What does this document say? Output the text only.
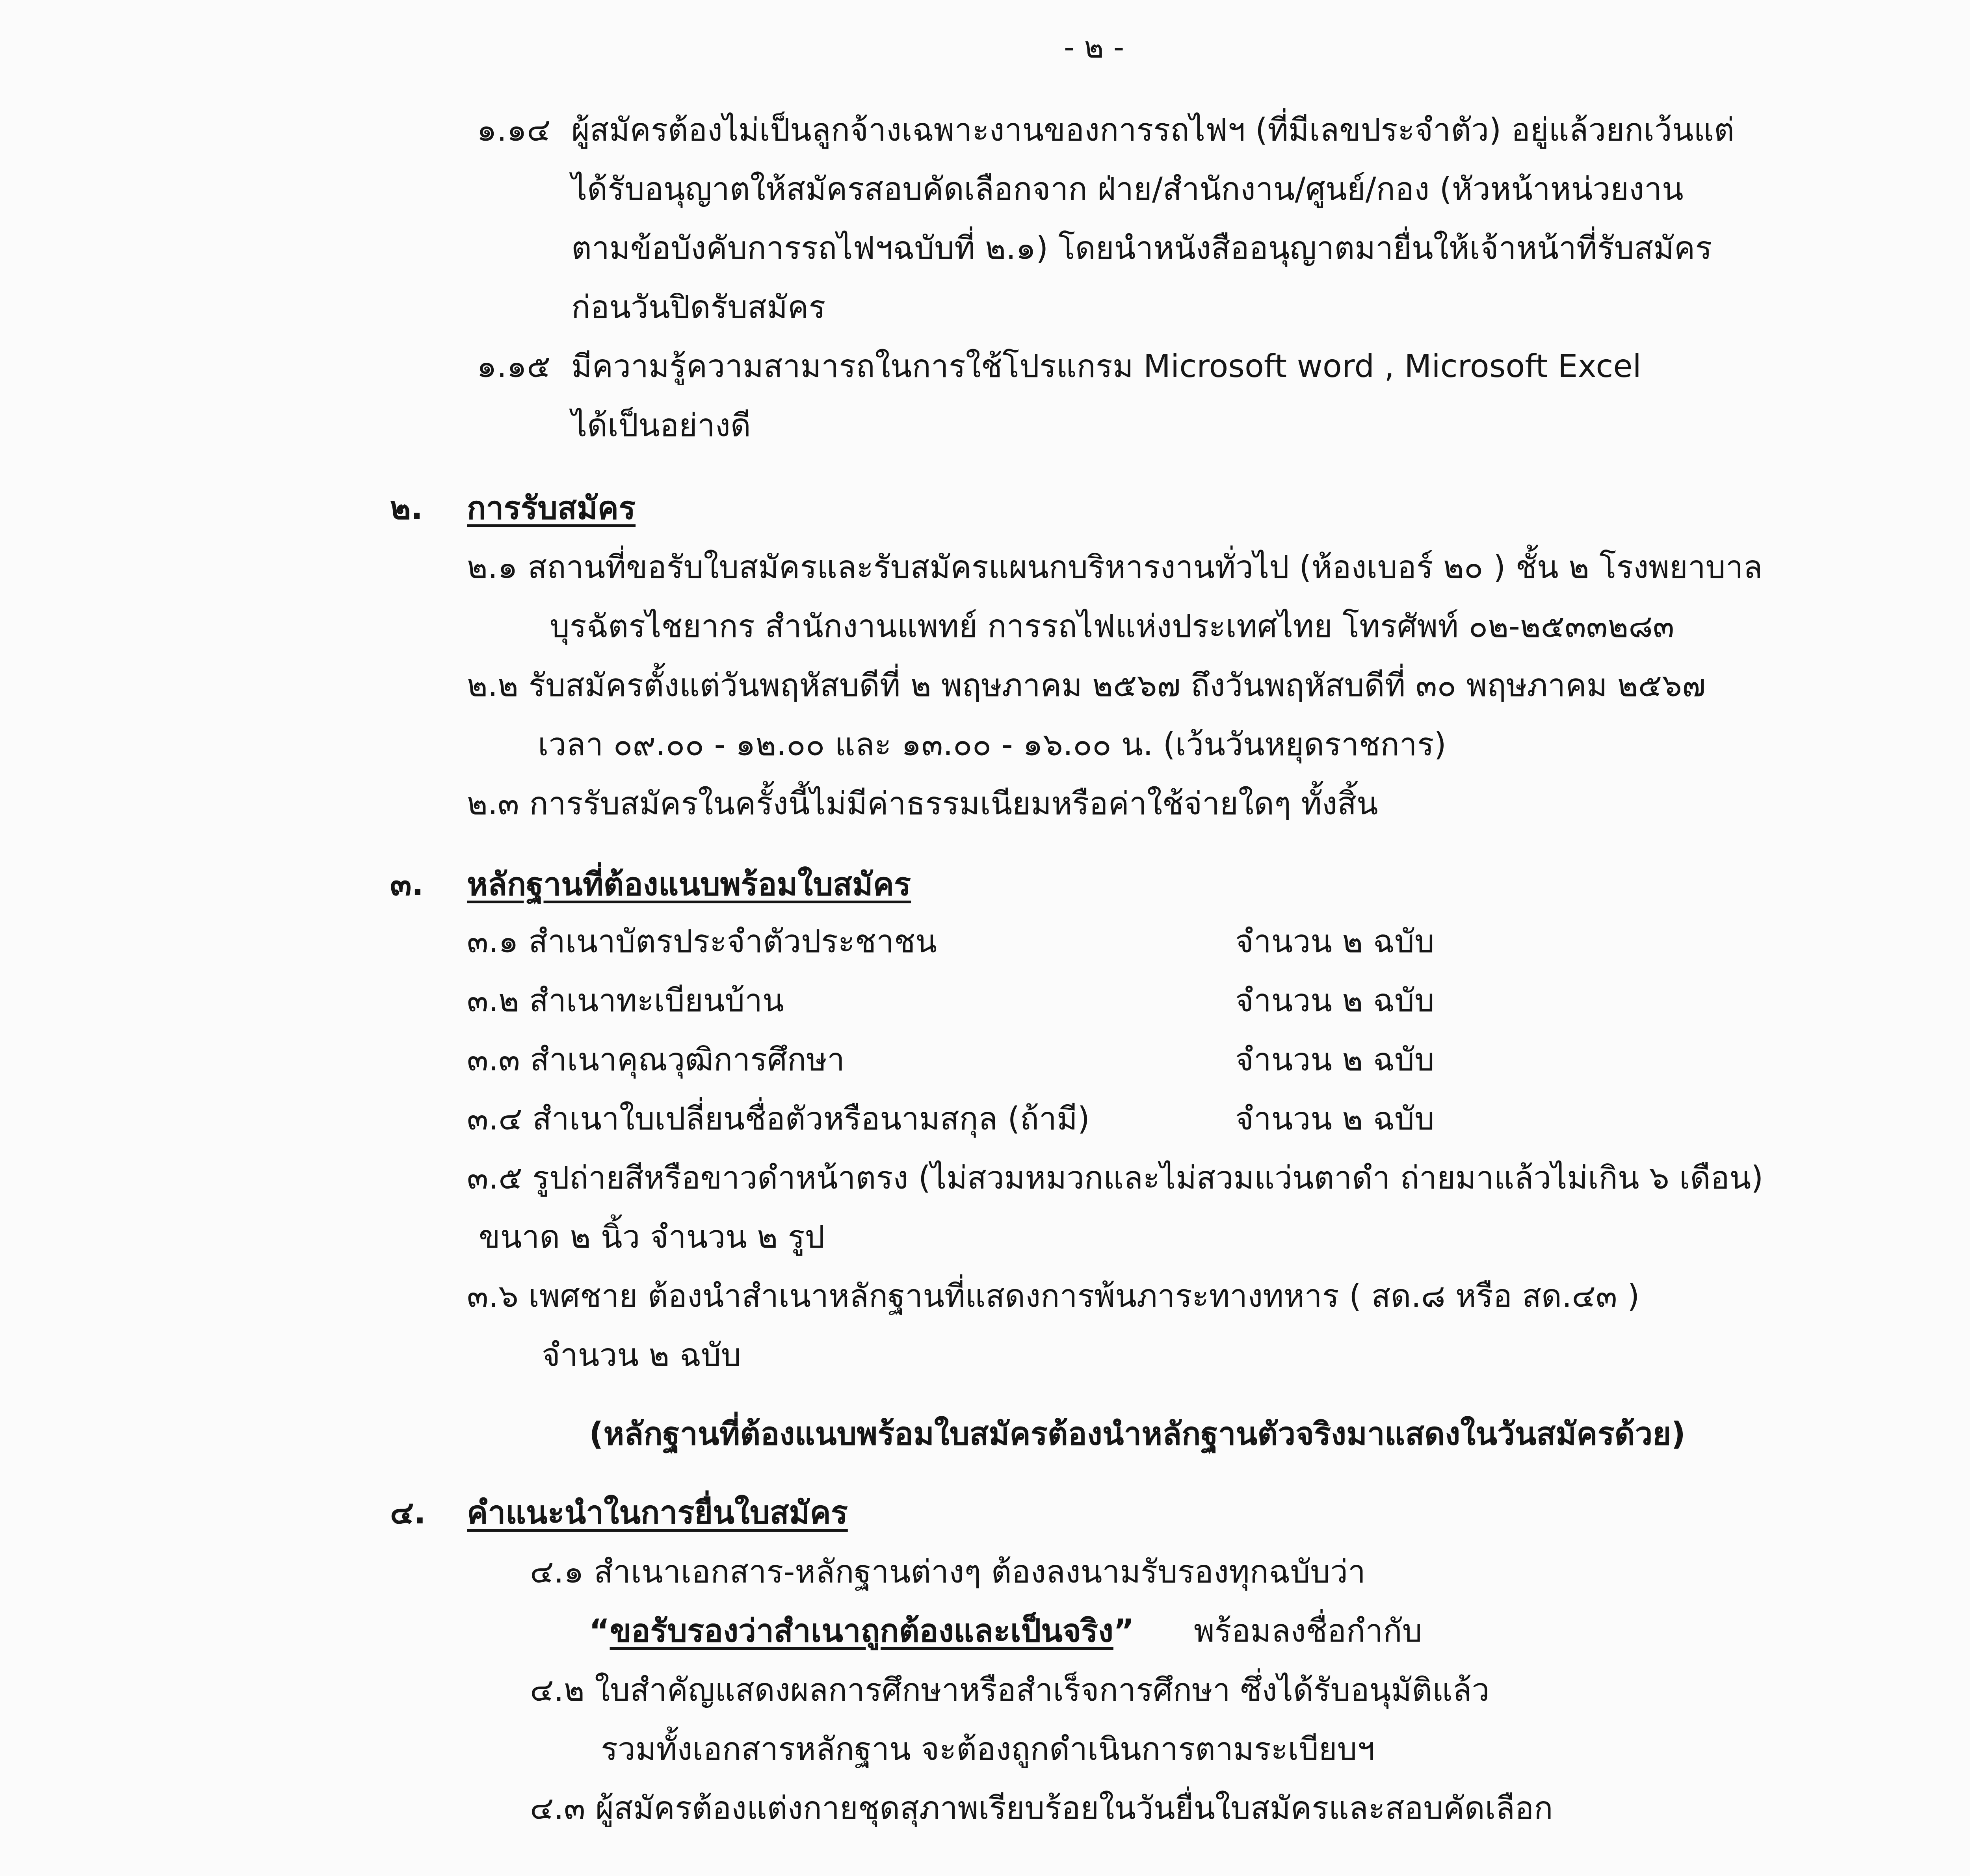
- ๒ -
๑.๑๔ ผู้สมัครต้องไม่เป็นลูกจ้างเฉพาะงานของการรถไฟฯ (ที่มีเลขประจำตัว) อยู่แล้วยกเว้นแต่
ได้รับอนุญาตให้สมัครสอบคัดเลือกจาก ฝ่าย/สำนักงาน/ศูนย์/กอง (หัวหน้าหน่วยงาน
ตามข้อบังคับการรถไฟฯฉบับที่ ๒.๑) โดยนำหนังสืออนุญาตมายื่นให้เจ้าหน้าที่รับสมัคร
ก่อนวันปิดรับสมัคร
๑.๑๕ มีความรู้ความสามารถในการใช้โปรแกรม Microsoft word , Microsoft Excel
ได้เป็นอย่างดี
๒. การรับสมัคร
๒.๑ สถานที่ขอรับใบสมัครและรับสมัครแผนกบริหารงานทั่วไป (ห้องเบอร์ ๒๐ ) ชั้น ๒ โรงพยาบาล
บุรฉัตรไชยากร สำนักงานแพทย์ การรถไฟแห่งประเทศไทย โทรศัพท์ ๐๒-๒๕๓๓๒๘๓
๒.๒ รับสมัครตั้งแต่วันพฤหัสบดีที่ ๒ พฤษภาคม ๒๕๖๗ ถึงวันพฤหัสบดีที่ ๓๐ พฤษภาคม ๒๕๖๗
เวลา ๐๙.๐๐ - ๑๒.๐๐ และ ๑๓.๐๐ - ๑๖.๐๐ น. (เว้นวันหยุดราชการ)
๒.๓ การรับสมัครในครั้งนี้ไม่มีค่าธรรมเนียมหรือค่าใช้จ่ายใดๆ ทั้งสิ้น
๓. หลักฐานที่ต้องแนบพร้อมใบสมัคร
๓.๑ สำเนาบัตรประจำตัวประชาชน	จำนวน ๒ ฉบับ
๓.๒ สำเนาทะเบียนบ้าน	จำนวน ๒ ฉบับ
๓.๓ สำเนาคุณวุฒิการศึกษา	จำนวน ๒ ฉบับ
๓.๔ สำเนาใบเปลี่ยนชื่อตัวหรือนามสกุล (ถ้ามี)	จำนวน ๒ ฉบับ
๓.๕ รูปถ่ายสีหรือขาวดำหน้าตรง (ไม่สวมหมวกและไม่สวมแว่นตาดำ ถ่ายมาแล้วไม่เกิน ๖ เดือน)
ขนาด ๒ นิ้ว จำนวน ๒ รูป
๓.๖ เพศชาย ต้องนำสำเนาหลักฐานที่แสดงการพ้นภาระทางทหาร ( สด.๘ หรือ สด.๔๓ )
จำนวน ๒ ฉบับ
(หลักฐานที่ต้องแนบพร้อมใบสมัครต้องนำหลักฐานตัวจริงมาแสดงในวันสมัครด้วย)
๔. คำแนะนำในการยื่นใบสมัคร
๔.๑ สำเนาเอกสาร-หลักฐานต่างๆ ต้องลงนามรับรองทุกฉบับว่า
“ขอรับรองว่าสำเนาถูกต้องและเป็นจริง” พร้อมลงชื่อกำกับ
๔.๒ ใบสำคัญแสดงผลการศึกษาหรือสำเร็จการศึกษา ซึ่งได้รับอนุมัติแล้ว
รวมทั้งเอกสารหลักฐาน จะต้องถูกดำเนินการตามระเบียบฯ
๔.๓ ผู้สมัครต้องแต่งกายชุดสุภาพเรียบร้อยในวันยื่นใบสมัครและสอบคัดเลือก
